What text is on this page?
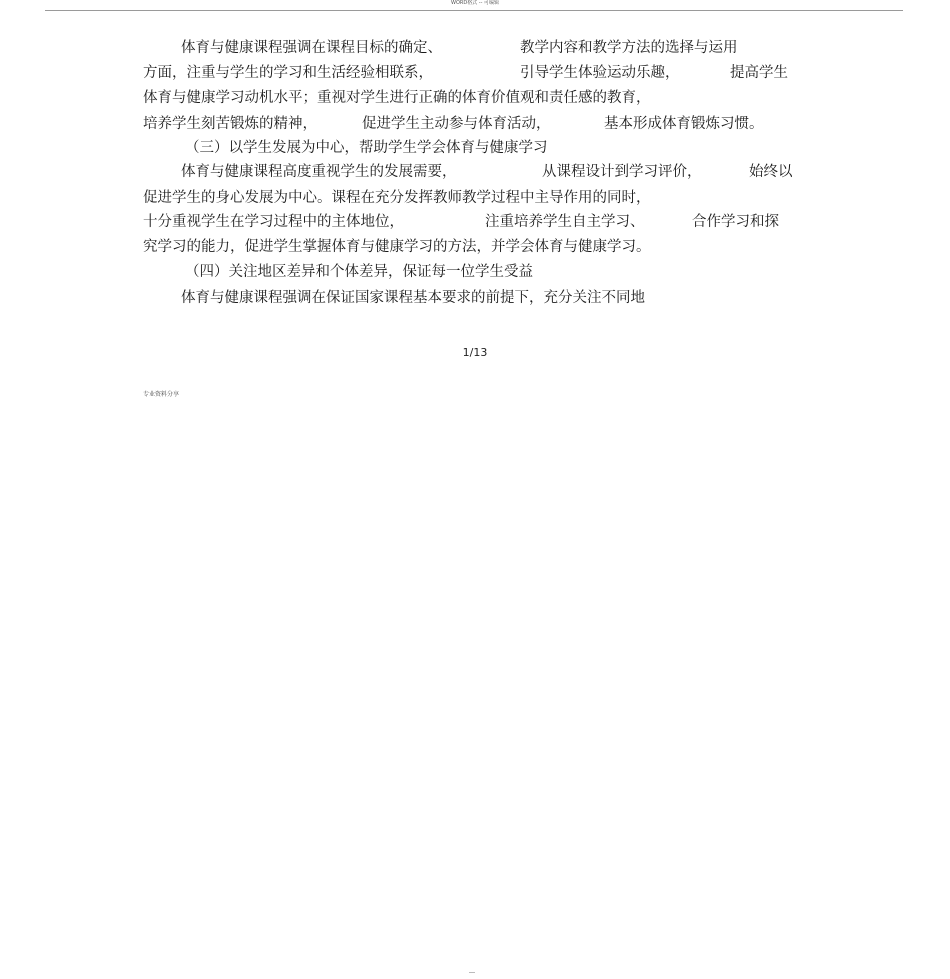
WORD格式 -- 可编辑
体育与健康课程强调在课程目标的确定、	教学内容和教学方法的选择与运用
方面，注重与学生的学习和生活经验相联系，	引导学生体验运动乐趣，	提高学生
体育与健康学习动机水平；重视对学生进行正确的体育价值观和责任感的教育，
培养学生刻苦锻炼的精神，	促进学生主动参与体育活动，	基本形成体育锻炼习惯。
（三）以学生发展为中心，帮助学生学会体育与健康学习
体育与健康课程高度重视学生的发展需要，	从课程设计到学习评价，	始终以
促进学生的身心发展为中心。课程在充分发挥教师教学过程中主导作用的同时，
十分重视学生在学习过程中的主体地位，	注重培养学生自主学习、	合作学习和探
究学习的能力，促进学生掌握体育与健康学习的方法，并学会体育与健康学习。
（四）关注地区差异和个体差异，保证每一位学生受益
体育与健康课程强调在保证国家课程基本要求的前提下，充分关注不同地
1/13
专业资料分享
